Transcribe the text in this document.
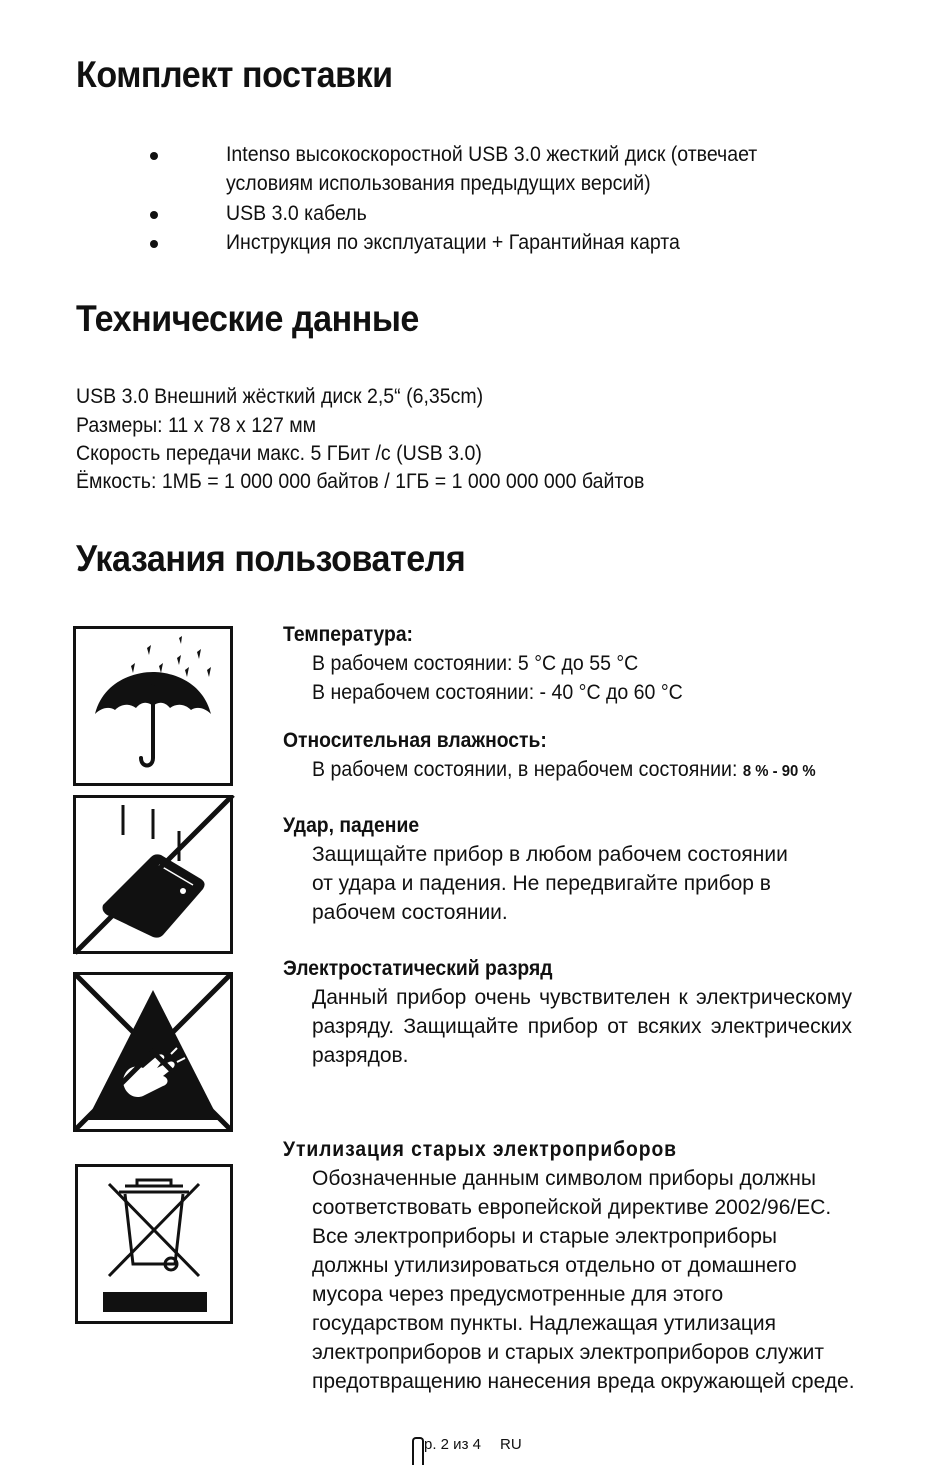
Комплект поставки
Intenso высокоскоростной USB 3.0 жесткий диск (отвечает
условиям использования предыдущих версий)
USB 3.0 кабель
Инструкция по эксплуатации + Гарантийная карта
Технические данные
USB 3.0 Внешний жёсткий диск 2,5“ (6,35cm)
Размеры: 11 x 78 x 127 мм
Скорость передачи макс. 5 ГБит /с (USB 3.0)
Ёмкость: 1МБ = 1 000 000 байтов / 1ГБ = 1 000 000 000 байтов
Указания пользователя
Температура:
В рабочем состоянии: 5 °C до 55 °C
В нерабочем состоянии: - 40 °C до 60 °C
Относительная влажность:
В рабочем состоянии, в нерабочем состоянии: 8 % - 90 %
Удар, падение
Защищайте прибор в любом рабочем состоянии от удара и падения. Не передвигайте прибор в рабочем состоянии.
Электростатический разряд
Данный прибор очень чувствителен к электрическому разряду. Защищайте прибор от всяких электрических разрядов.
Утилизация старых электроприборов
Обозначенные данным символом приборы должны соответствовать европейской директиве 2002/96/EC. Все электроприборы и старые электроприборы должны утилизироваться отдельно от домашнего мусора через предусмотренные для этого государством пункты. Надлежащая утилизация электроприборов и старых электроприборов служит предотвращению нанесения вреда окружающей среде.
р. 2 из 4 RU
